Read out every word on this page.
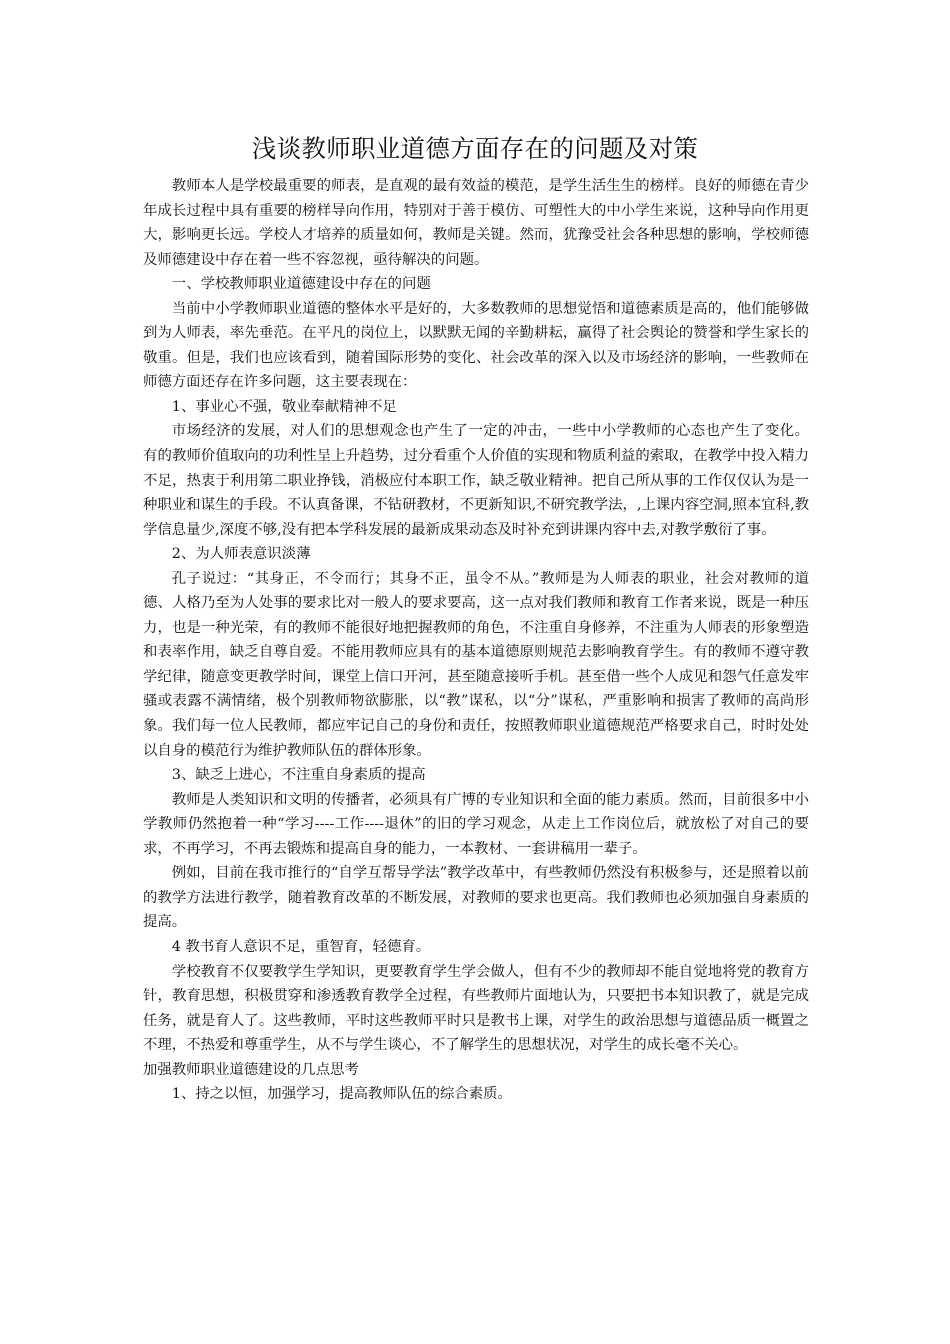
浅谈教师职业道德方面存在的问题及对策

教师本人是学校最重要的师表，是直观的最有效益的模范，是学生活生生的榜样。良好的师德在青少年成长过程中具有重要的榜样导向作用，特别对于善于模仿、可塑性大的中小学生来说，这种导向作用更大，影响更长远。学校人才培养的质量如何，教师是关键。然而，犹豫受社会各种思想的影响，学校师德及师德建设中存在着一些不容忽视，亟待解决的问题。

一、学校教师职业道德建设中存在的问题

当前中小学教师职业道德的整体水平是好的，大多数教师的思想觉悟和道德素质是高的，他们能够做到为人师表，率先垂范。在平凡的岗位上，以默默无闻的辛勤耕耘，赢得了社会舆论的赞誉和学生家长的敬重。但是，我们也应该看到，随着国际形势的变化、社会改革的深入以及市场经济的影响，一些教师在师德方面还存在许多问题，这主要表现在：

1、事业心不强，敬业奉献精神不足

市场经济的发展，对人们的思想观念也产生了一定的冲击，一些中小学教师的心态也产生了变化。 有的教师价值取向的功利性呈上升趋势，过分看重个人价值的实现和物质利益的索取，在教学中投入精力不足，热衷于利用第二职业挣钱，消极应付本职工作，缺乏敬业精神。把自己所从事的工作仅仅认为是一种职业和谋生的手段。不认真备课，不钻研教材，不更新知识,不研究教学法，,上课内容空洞,照本宜科,教学信息量少,深度不够,没有把本学科发展的最新成果动态及时补充到讲课内容中去,对教学敷衍了事。

2、为人师表意识淡薄

孔子说过：“其身正，不令而行；其身不正，虽令不从。”教师是为人师表的职业，社会对教师的道德、人格乃至为人处事的要求比对一般人的要求要高，这一点对我们教师和教育工作者来说，既是一种压力，也是一种光荣，有的教师不能很好地把握教师的角色，不注重自身修养，不注重为人师表的形象塑造和表率作用，缺乏自尊自爱。不能用教师应具有的基本道德原则规范去影响教育学生。有的教师不遵守教学纪律，随意变更教学时间，课堂上信口开河，甚至随意接听手机。甚至借一些个人成见和怨气任意发牢骚或表露不满情绪，极个别教师物欲膨胀，以“教”谋私，以“分”谋私，严重影响和损害了教师的高尚形象。我们每一位人民教师，都应牢记自己的身份和责任，按照教师职业道德规范严格要求自己，时时处处以自身的模范行为维护教师队伍的群体形象。

3、缺乏上进心，不注重自身素质的提高

教师是人类知识和文明的传播者，必须具有广博的专业知识和全面的能力素质。然而，目前很多中小学教师仍然抱着一种“学习----工作----退休”的旧的学习观念，从走上工作岗位后，就放松了对自己的要求，不再学习，不再去锻炼和提高自身的能力，一本教材、一套讲稿用一辈子。

例如，目前在我市推行的“自学互帮导学法”教学改革中，有些教师仍然没有积极参与，还是照着以前的教学方法进行教学，随着教育改革的不断发展，对教师的要求也更高。我们教师也必须加强自身素质的提高。

4 教书育人意识不足，重智育，轻德育。

学校教育不仅要教学生学知识，更要教育学生学会做人，但有不少的教师却不能自觉地将党的教育方针，教育思想，积极贯穿和渗透教育教学全过程，有些教师片面地认为，只要把书本知识教了，就是完成任务，就是育人了。这些教师，平时这些教师平时只是教书上课，对学生的政治思想与道德品质一概置之不理，不热爱和尊重学生，从不与学生谈心，不了解学生的思想状况，对学生的成长毫不关心。

加强教师职业道德建设的几点思考

1、持之以恒，加强学习，提高教师队伍的综合素质。
